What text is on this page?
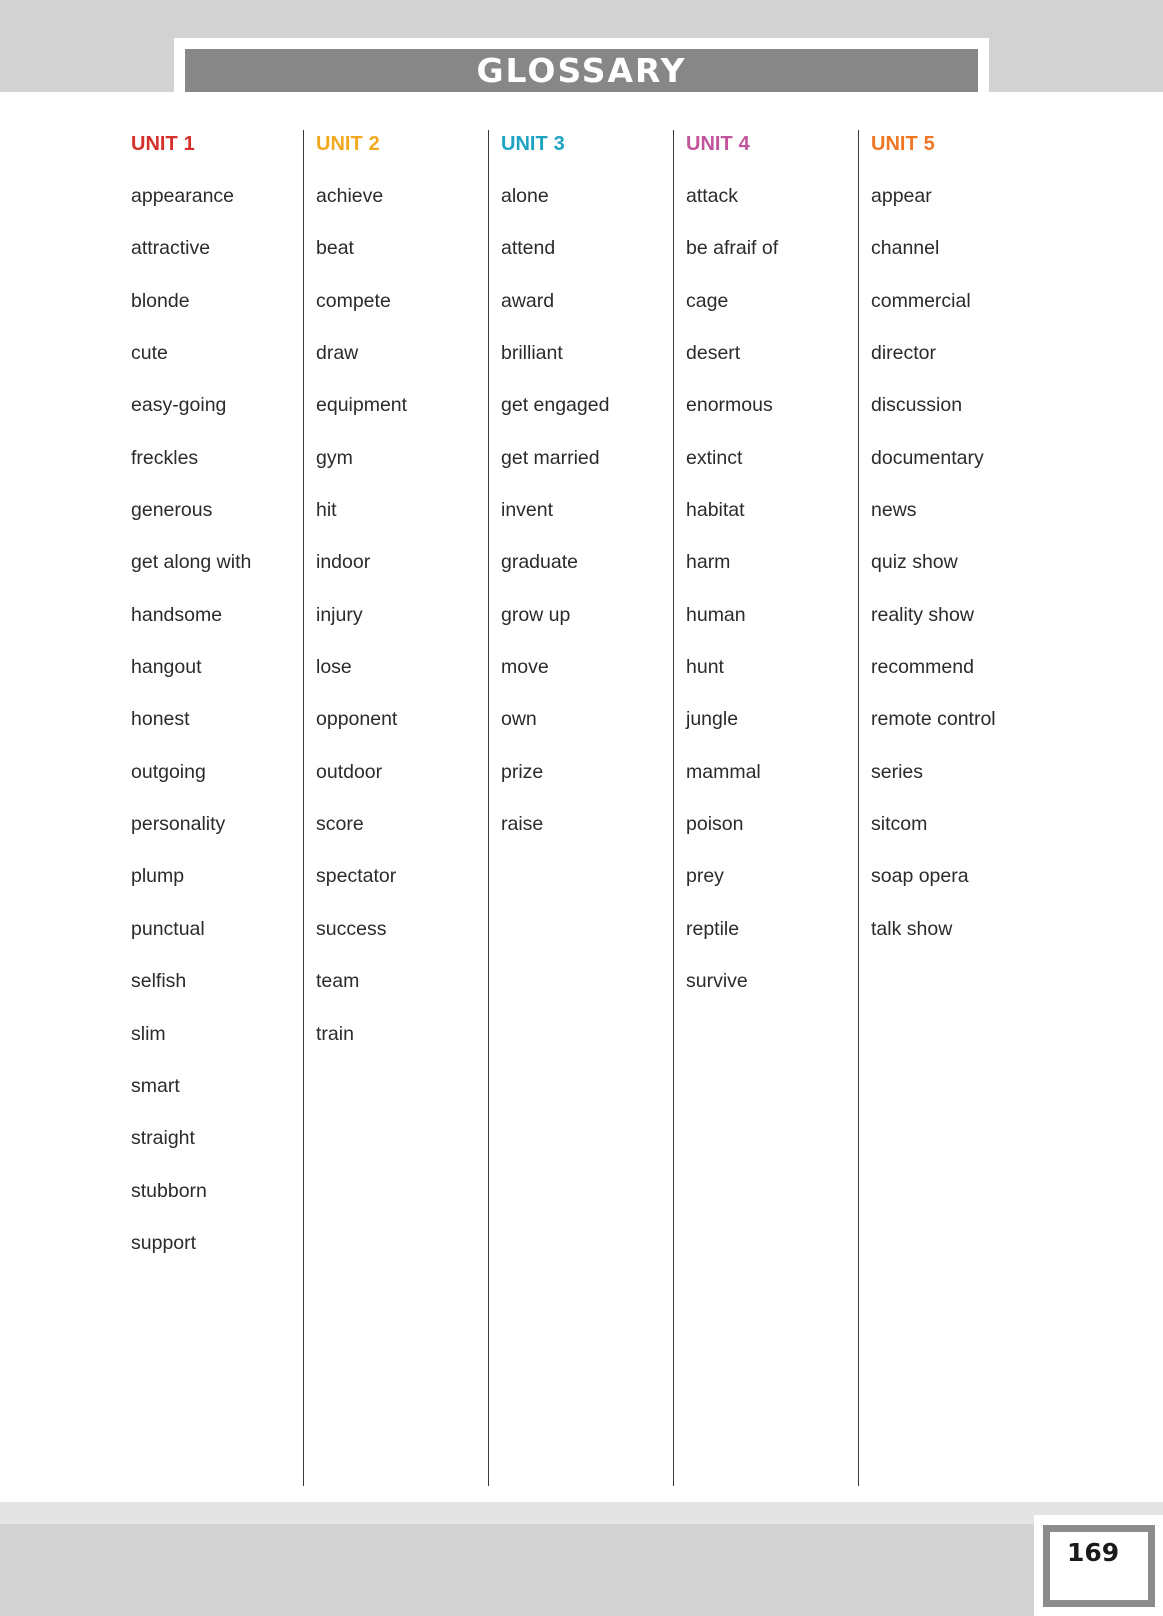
GLOSSARY
UNIT 1
appearance
attractive
blonde
cute
easy-going
freckles
generous
get along with
handsome
hangout
honest
outgoing
personality
plump
punctual
selfish
slim
smart
straight
stubborn
support
UNIT 2
achieve
beat
compete
draw
equipment
gym
hit
indoor
injury
lose
opponent
outdoor
score
spectator
success
team
train
UNIT 3
alone
attend
award
brilliant
get engaged
get married
invent
graduate
grow up
move
own
prize
raise
UNIT 4
attack
be afraif of
cage
desert
enormous
extinct
habitat
harm
human
hunt
jungle
mammal
poison
prey
reptile
survive
UNIT 5
appear
channel
commercial
director
discussion
documentary
news
quiz show
reality show
recommend
remote control
series
sitcom
soap opera
talk show
169
